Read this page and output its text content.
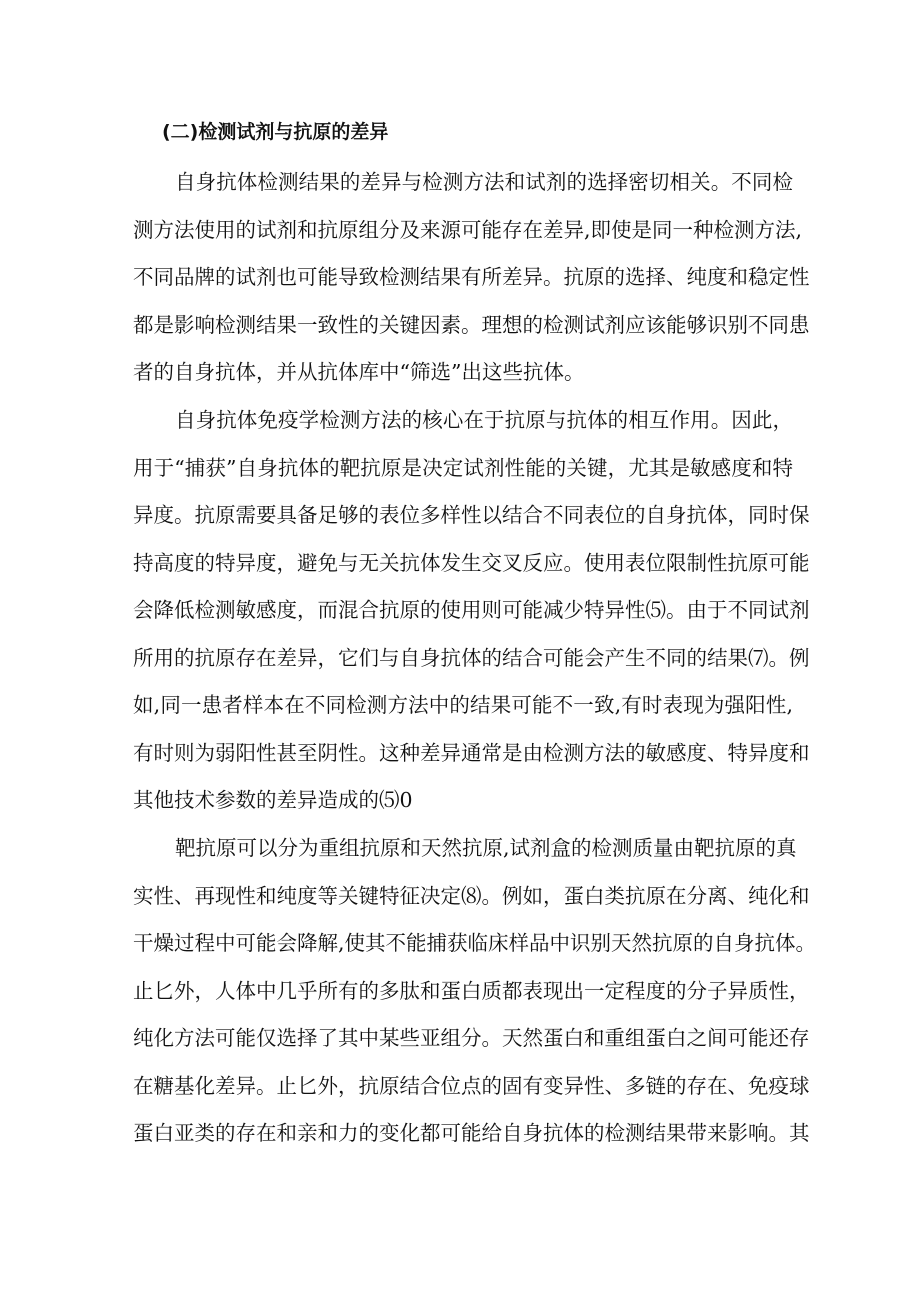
(二)检测试剂与抗原的差异
自身抗体检测结果的差异与检测方法和试剂的选择密切相关。不同检
测方法使用的试剂和抗原组分及来源可能存在差异,即使是同一种检测方法,
不同品牌的试剂也可能导致检测结果有所差异。抗原的选择、纯度和稳定性
都是影响检测结果一致性的关键因素。理想的检测试剂应该能够识别不同患
者的自身抗体，并从抗体库中“筛选”出这些抗体。
自身抗体免疫学检测方法的核心在于抗原与抗体的相互作用。因此，
用于“捕获”自身抗体的靶抗原是决定试剂性能的关键，尤其是敏感度和特
异度。抗原需要具备足够的表位多样性以结合不同表位的自身抗体，同时保
持高度的特异度，避免与无关抗体发生交叉反应。使用表位限制性抗原可能
会降低检测敏感度，而混合抗原的使用则可能减少特异性⑸。由于不同试剂
所用的抗原存在差异，它们与自身抗体的结合可能会产生不同的结果⑺。例
如,同一患者样本在不同检测方法中的结果可能不一致,有时表现为强阳性,
有时则为弱阳性甚至阴性。这种差异通常是由检测方法的敏感度、特异度和
其他技术参数的差异造成的⑸0
靶抗原可以分为重组抗原和天然抗原,试剂盒的检测质量由靶抗原的真
实性、再现性和纯度等关键特征决定⑻。例如，蛋白类抗原在分离、纯化和
干燥过程中可能会降解,使其不能捕获临床样品中识别天然抗原的自身抗体。
止匕外，人体中几乎所有的多肽和蛋白质都表现出一定程度的分子异质性，
纯化方法可能仅选择了其中某些亚组分。天然蛋白和重组蛋白之间可能还存
在糖基化差异。止匕外，抗原结合位点的固有变异性、多链的存在、免疫球
蛋白亚类的存在和亲和力的变化都可能给自身抗体的检测结果带来影响。其
